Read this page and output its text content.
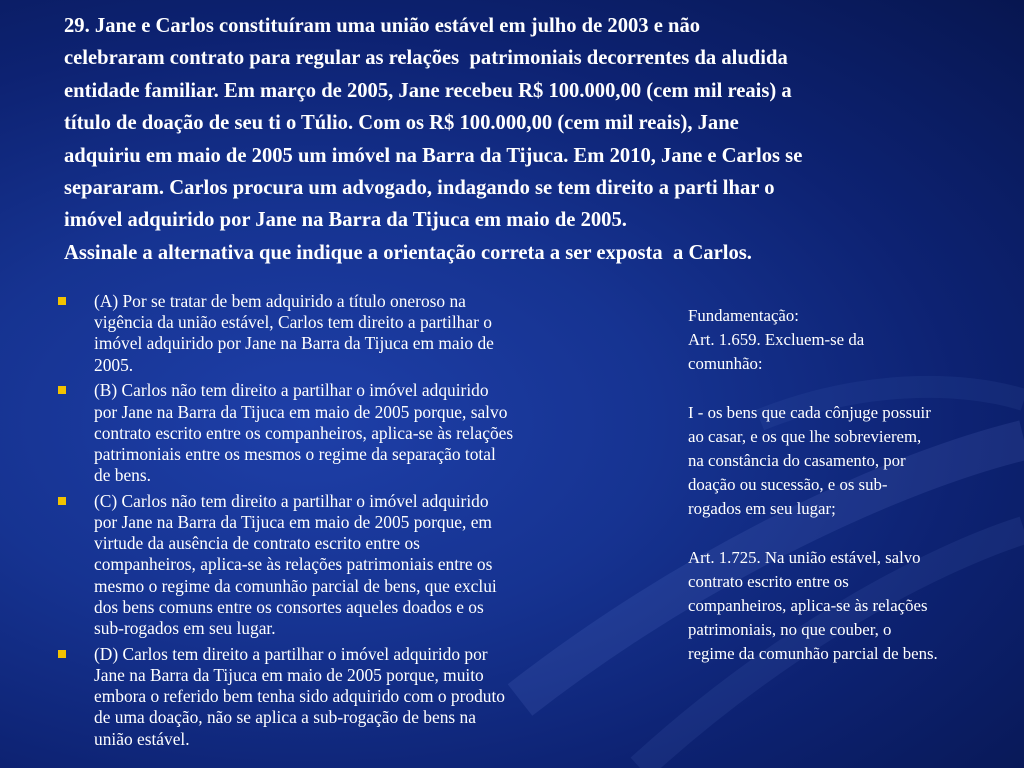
29. Jane e Carlos constituíram uma união estável em julho de 2003 e não
celebraram contrato para regular as relações  patrimoniais decorrentes da aludida
entidade familiar. Em março de 2005, Jane recebeu R$ 100.000,00 (cem mil reais) a
título de doação de seu ti o Túlio. Com os R$ 100.000,00 (cem mil reais), Jane
adquiriu em maio de 2005 um imóvel na Barra da Tijuca. Em 2010, Jane e Carlos se
separaram. Carlos procura um advogado, indagando se tem direito a parti lhar o
imóvel adquirido por Jane na Barra da Tijuca em maio de 2005.
Assinale a alternativa que indique a orientação correta a ser exposta  a Carlos.
(A) Por se tratar de bem adquirido a título oneroso na
vigência da união estável, Carlos tem direito a partilhar o
imóvel adquirido por Jane na Barra da Tijuca em maio de
2005.
(B) Carlos não tem direito a partilhar o imóvel adquirido
por Jane na Barra da Tijuca em maio de 2005 porque, salvo
contrato escrito entre os companheiros, aplica-se às relações
patrimoniais entre os mesmos o regime da separação total
de bens.
(C) Carlos não tem direito a partilhar o imóvel adquirido
por Jane na Barra da Tijuca em maio de 2005 porque, em
virtude da ausência de contrato escrito entre os
companheiros, aplica-se às relações patrimoniais entre os
mesmo o regime da comunhão parcial de bens, que exclui
dos bens comuns entre os consortes aqueles doados e os
sub-rogados em seu lugar.
(D) Carlos tem direito a partilhar o imóvel adquirido por
Jane na Barra da Tijuca em maio de 2005 porque, muito
embora o referido bem tenha sido adquirido com o produto
de uma doação, não se aplica a sub-rogação de bens na
união estável.

Fundamentação:

Art. 1.659. Excluem-se da

comunhão:

I - os bens que cada cônjuge possuir

ao casar, e os que lhe sobrevierem,

na constância do casamento, por

doação ou sucessão, e os sub-

rogados em seu lugar;

Art. 1.725. Na união estável, salvo

contrato escrito entre os

companheiros, aplica-se às relações

patrimoniais, no que couber, o

regime da comunhão parcial de bens.
